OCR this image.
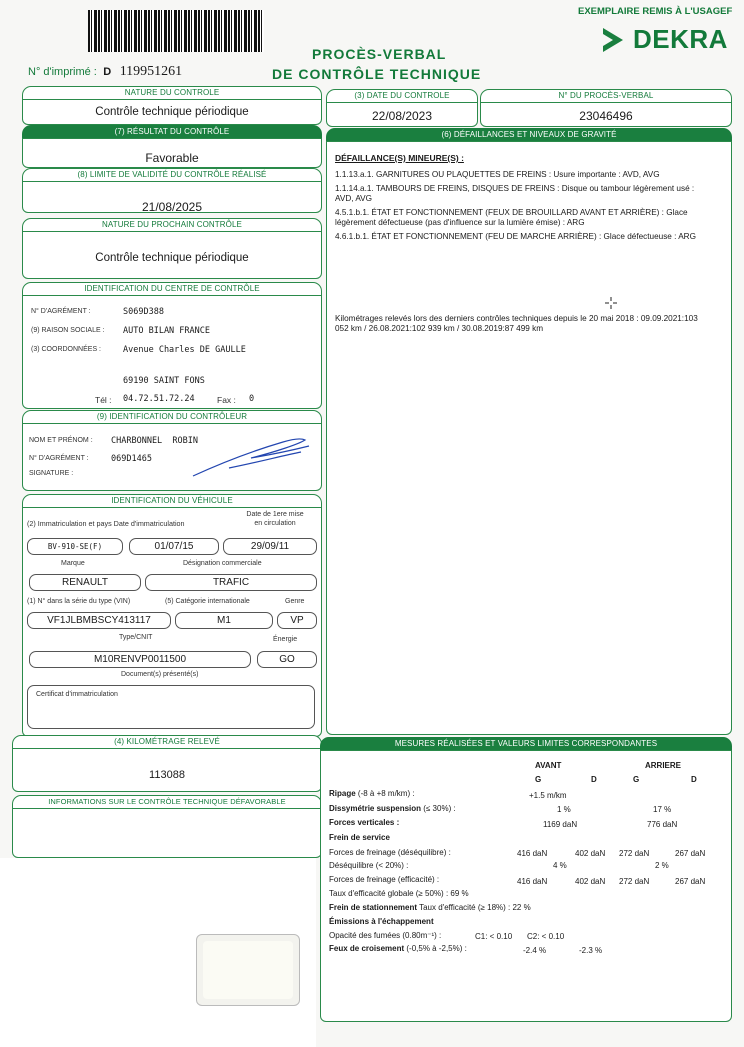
EXEMPLAIRE REMIS À L'USAGEF
DEKRA
PROCÈS-VERBAL
DE CONTRÔLE TECHNIQUE
N° d'imprimé : D 119951261
NATURE DU CONTROLE
Contrôle technique périodique
(3) DATE DU CONTROLE
22/08/2023
N° DU PROCÈS-VERBAL
23046496
(7) RÉSULTAT DU CONTRÔLE
Favorable
(8) LIMITE DE VALIDITÉ DU CONTRÔLE RÉALISÉ
21/08/2025
NATURE DU PROCHAIN CONTRÔLE
Contrôle technique périodique
IDENTIFICATION DU CENTRE DE CONTRÔLE
N° D'AGRÉMENT :	S069D388
(9) RAISON SOCIALE : AUTO BILAN FRANCE
(3) COORDONNÉES :	Avenue Charles DE GAULLE
69190 SAINT FONS
Tél : 04.72.51.72.24	Fax : 0
(9) IDENTIFICATION DU CONTRÔLEUR
NOM ET PRÉNOM : CHARBONNEL  ROBIN
N° D'AGRÉMENT :	069D1465
SIGNATURE :
IDENTIFICATION DU VÉHICULE
(2) Immatriculation et pays Date d'immatriculation
Date de 1ere mise
en circulation
BV-910-SE(F)	01/07/15	29/09/11
Marque	Désignation commerciale
RENAULT	TRAFIC
(1) N° dans la série du type (VIN)	(5) Catégorie internationale	Genre
VF1JLBMBSCY413117	M1	VP
Type/CNIT	Énergie
M10RENVP0011500	GO
Document(s) présenté(s)
Certificat d'immatriculation
(4) KILOMÉTRAGE RELEVÉ
113088
INFORMATIONS SUR LE CONTRÔLE TECHNIQUE DÉFAVORABLE
(6) DÉFAILLANCES ET NIVEAUX DE GRAVITÉ
DÉFAILLANCE(S) MINEURE(S) :
1.1.13.a.1. GARNITURES OU PLAQUETTES DE FREINS : Usure importante : AVD, AVG
1.1.14.a.1. TAMBOURS DE FREINS, DISQUES DE FREINS : Disque ou tambour légèrement usé : AVD, AVG
4.5.1.b.1. ÉTAT ET FONCTIONNEMENT (FEUX DE BROUILLARD AVANT ET ARRIÈRE) : Glace légèrement défectueuse (pas d'influence sur la lumière émise) : ARG
4.6.1.b.1. ÉTAT ET FONCTIONNEMENT (FEU DE MARCHE ARRIÈRE) : Glace défectueuse : ARG
Kilométrages relevés lors des derniers contrôles techniques depuis le 20 mai 2018 : 09.09.2021:103 052 km / 26.08.2021:102 939 km / 30.08.2019:87 499 km
MESURES RÉALISÉES ET VALEURS LIMITES CORRESPONDANTES
AVANT	ARRIERE
G	D	G	D
Ripage (-8 à +8 m/km) :	+1.5 m/km
Dissymétrie suspension (≤ 30%) :	1 %	17 %
Forces verticales :	1169 daN	776 daN
Frein de service
Forces de freinage (déséquilibre) :	416 daN	402 daN 272 daN	267 daN
Déséquilibre (< 20%) :	4 %	2 %
Forces de freinage (efficacité) :	416 daN	402 daN 272 daN	267 daN
Taux d'efficacité globale (≥ 50%) : 69 %
Frein de stationnement Taux d'efficacité (≥ 18%) : 22 %
Émissions à l'échappement
Opacité des fumées (0.80m⁻¹) :	C1: < 0.10 C2: < 0.10
Feux de croisement (-0,5% à -2,5%) :	-2.4 %	-2.3 %
